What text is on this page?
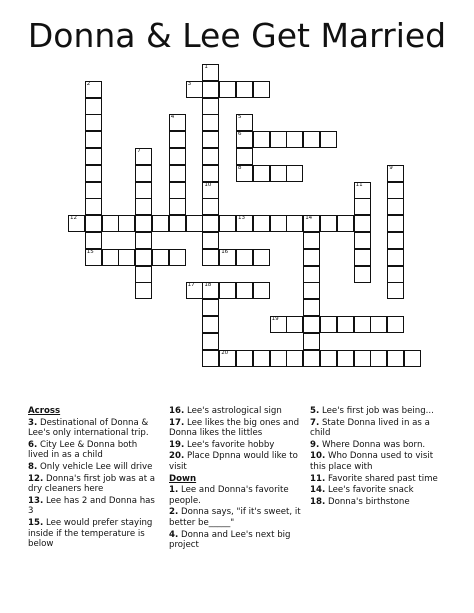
Donna & Lee Get Married
1
10
2
15
3
4	5
6
8
7
9
11
12	13	14
16
17 18
19
20

Across

3. Destinational of Donna & Lee's only international trip.

6. City Lee & Donna both lived in as a child

8. Only vehicle Lee will drive

12. Donna's first job was at a dry cleaners here

13. Lee has 2 and Donna has 3

15. Lee would prefer staying inside if the temperature is below

16. Lee's astrological sign

17. Lee likes the big ones and Donna likes the littles

19. Lee's favorite hobby

20. Place Dpnna would like to visit

Down

1. Lee and Donna's favorite people.

2. Donna says, "if it's sweet, it better be_____"

4. Donna and Lee's next big project

5. Lee's first job was being...

7. State Donna lived in as a child

9. Where Donna was born.

10. Who Donna used to visit this place with

11. Favorite shared past time

14. Lee's favorite snack

18. Donna's birthstone
